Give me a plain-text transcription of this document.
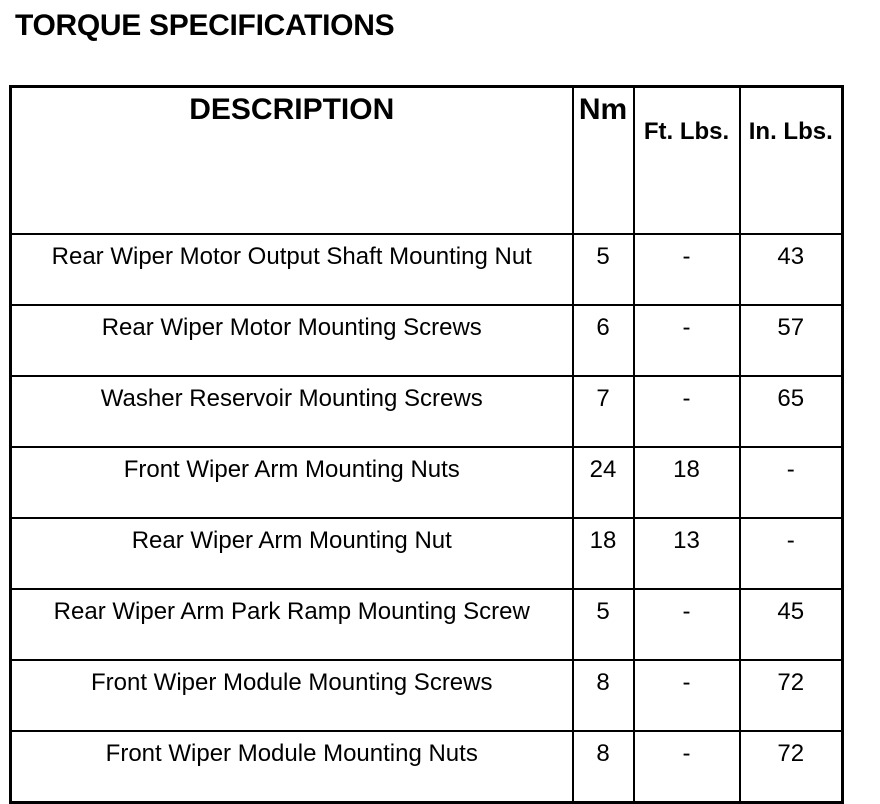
TORQUE SPECIFICATIONS
DESCRIPTION	Nm	Ft. Lbs.	In. Lbs.

Rear Wiper Motor Output Shaft Mounting Nut	5	-	43

Rear Wiper Motor Mounting Screws	6	-	57

Washer Reservoir Mounting Screws	7	-	65

Front Wiper Arm Mounting Nuts	24	18	-

Rear Wiper Arm Mounting Nut	18	13	-

Rear Wiper Arm Park Ramp Mounting Screw	5	-	45

Front Wiper Module Mounting Screws	8	-	72

Front Wiper Module Mounting Nuts	8	-	72
